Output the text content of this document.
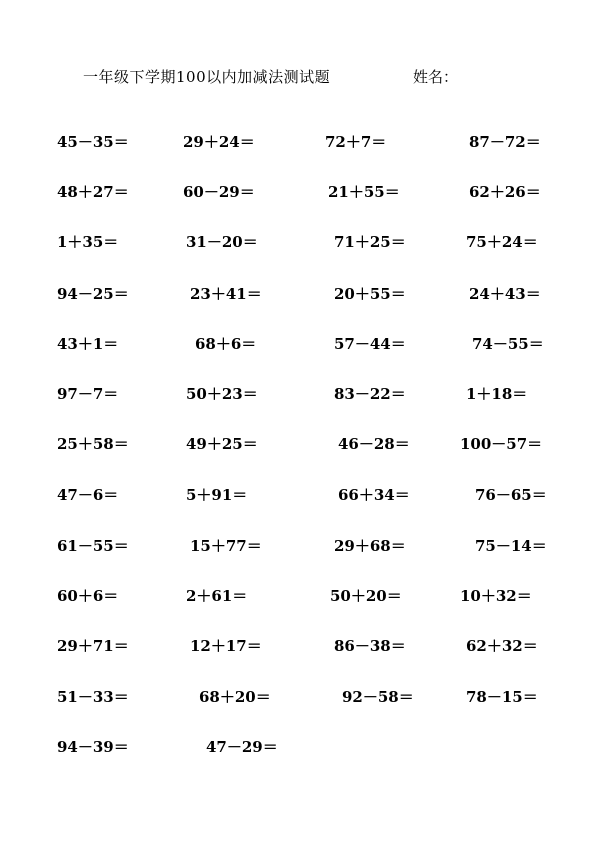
一年级下学期100以内加减法测试题	姓名：
45－35＝	29＋24＝	72＋7＝	87－72＝
48＋27＝	60－29＝	21＋55＝	62＋26＝
1＋35＝	31－20＝	71＋25＝	75＋24＝
94－25＝	23＋41＝	20＋55＝	24＋43＝
43＋1＝	68＋6＝	57－44＝	74－55＝
97－7＝	50＋23＝	83－22＝	1＋18＝
25＋58＝	49＋25＝	46－28＝	100－57＝
47－6＝	5＋91＝	66＋34＝	76－65＝
61－55＝	15＋77＝	29＋68＝	75－14＝
60＋6＝	2＋61＝	50＋20＝	10＋32＝
29＋71＝	12＋17＝	86－38＝	62＋32＝
51－33＝	68＋20＝	92－58＝	78－15＝
94－39＝	47－29＝
